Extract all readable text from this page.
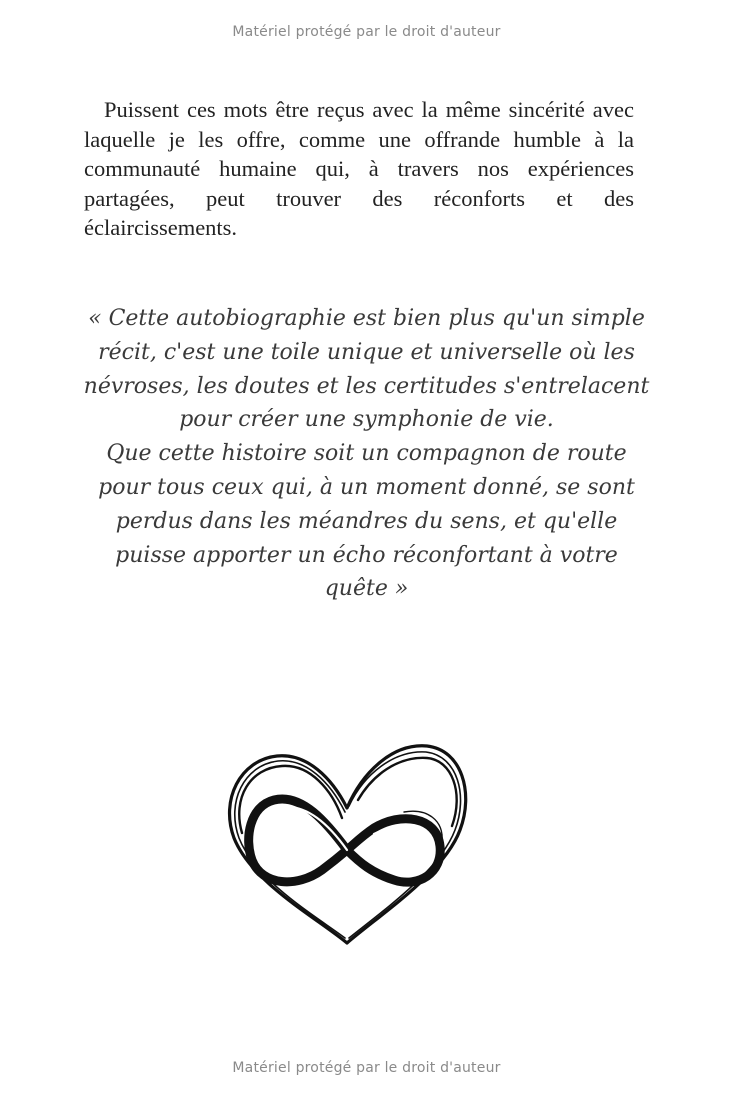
Matériel protégé par le droit d'auteur

Puissent ces mots être reçus avec la même sincérité avec laquelle je les offre, comme une offrande humble à la communauté humaine qui, à travers nos expériences partagées, peut trouver des réconforts et des éclaircissements.

« Cette autobiographie est bien plus qu'un simple
récit, c'est une toile unique et universelle où les
névroses, les doutes et les certitudes s'entrelacent
pour créer une symphonie de vie.
Que cette histoire soit un compagnon de route
pour tous ceux qui, à un moment donné, se sont
perdus dans les méandres du sens, et qu'elle
puisse apporter un écho réconfortant à votre
quête »
Matériel protégé par le droit d'auteur
